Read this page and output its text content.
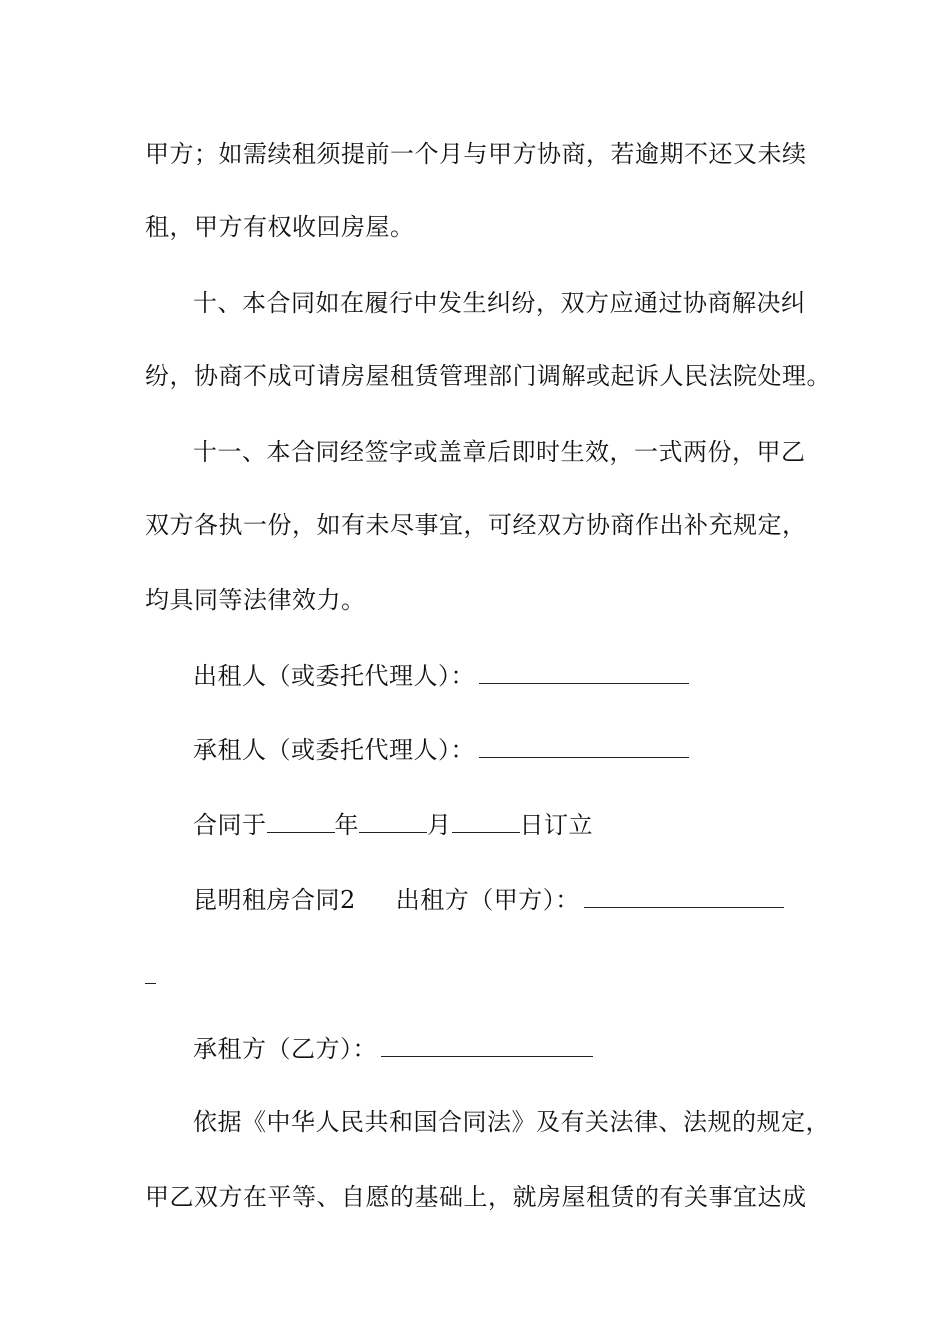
甲方；如需续租须提前一个月与甲方协商，若逾期不还又未续
租，甲方有权收回房屋。
十、本合同如在履行中发生纠纷，双方应通过协商解决纠
纷，协商不成可请房屋租赁管理部门调解或起诉人民法院处理。
十一、本合同经签字或盖章后即时生效，一式两份，甲乙
双方各执一份，如有未尽事宜，可经双方协商作出补充规定，
均具同等法律效力。
出租人（或委托代理人）：
承租人（或委托代理人）：
合同于	年	月	日订立
昆明租房合同2 出租方（甲方）：
承租方（乙方）：
依据《中华人民共和国合同法》及有关法律、法规的规定，
甲乙双方在平等、自愿的基础上，就房屋租赁的有关事宜达成
